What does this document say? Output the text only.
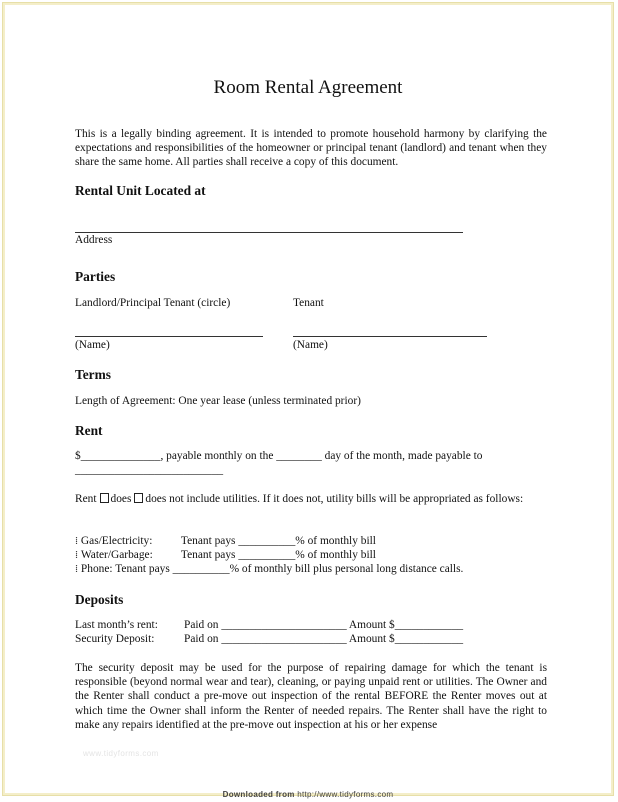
Room Rental Agreement
This is a legally binding agreement. It is intended to promote household harmony by clarifying the expectations and responsibilities of the homeowner or principal tenant (landlord) and tenant when they share the same home. All parties shall receive a copy of this document.
Rental Unit Located at
Address
Parties
Landlord/Principal Tenant (circle)	Tenant
(Name)	(Name)
Terms
Length of Agreement: One year lease (unless terminated prior)
Rent
$______________, payable monthly on the ________ day of the month, made payable to
__________________________
Rent does does not include utilities. If it does not, utility bills will be appropriated as follows:
⁞ Gas/Electricity:	Tenant pays __________% of monthly bill
⁞ Water/Garbage: Tenant pays __________% of monthly bill
⁞ Phone: Tenant pays __________% of monthly bill plus personal long distance calls.
Deposits
Last month’s rent: Paid on ______________________ Amount $____________
Security Deposit:	Paid on ______________________ Amount $____________
The security deposit may be used for the purpose of repairing damage for which the tenant is responsible (beyond normal wear and tear), cleaning, or paying unpaid rent or utilities. The Owner and the Renter shall conduct a pre-move out inspection of the rental BEFORE the Renter moves out at which time the Owner shall inform the Renter of needed repairs. The Renter shall have the right to make any repairs identified at the pre-move out inspection at his or her expense
www.tidyforms.com
Downloaded from http://www.tidyforms.com
